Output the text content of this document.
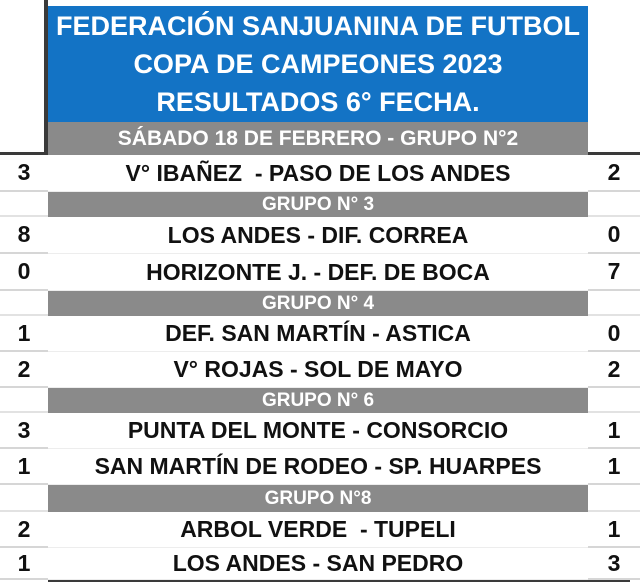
FEDERACIÓN SANJUANINA DE FUTBOL
COPA DE CAMPEONES 2023
RESULTADOS 6° FECHA.
SÁBADO 18 DE FEBRERO - GRUPO N°2
3	V° IBAÑEZ  - PASO DE LOS ANDES	2
GRUPO N° 3
8	LOS ANDES - DIF. CORREA	0
0	HORIZONTE J. - DEF. DE BOCA	7
GRUPO N° 4
1	DEF. SAN MARTÍN - ASTICA	0
2	V° ROJAS - SOL DE MAYO	2
GRUPO N° 6
3	PUNTA DEL MONTE - CONSORCIO	1
1	SAN MARTÍN DE RODEO - SP. HUARPES	1
GRUPO N°8
2	ARBOL VERDE  - TUPELI	1
1	LOS ANDES - SAN PEDRO	3
